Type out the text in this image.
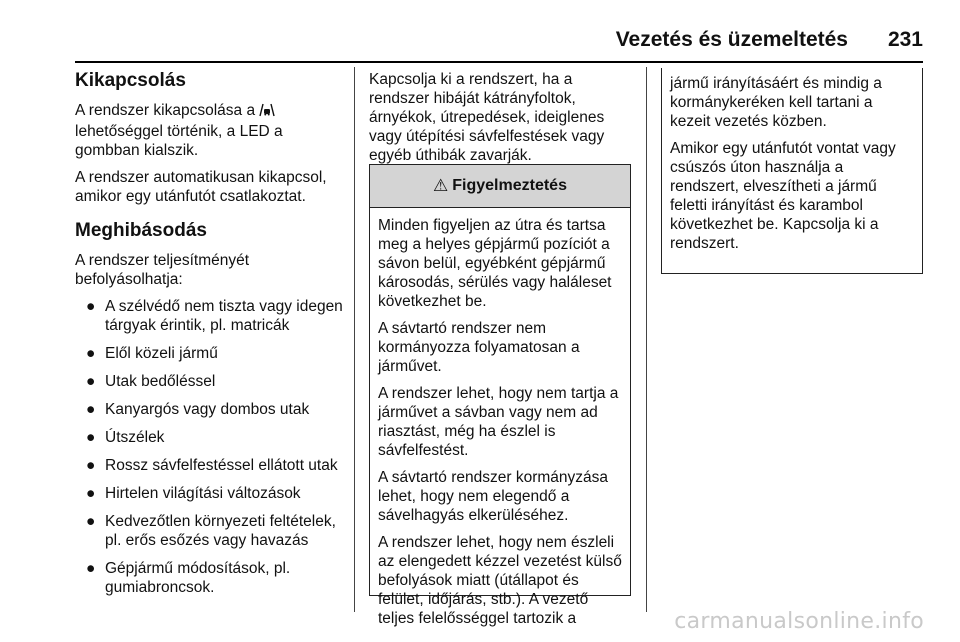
Vezetés és üzemeltetés 231
Kikapcsolás

A rendszer kikapcsolása a  lehetőséggel történik, a LED a gombban kialszik.

A rendszer automatikusan kikapcsol, amikor egy utánfutót csatlakoztat.

Meghibásodás

A rendszer teljesítményét befolyásolhatja:

● A szélvédő nem tiszta vagy idegen tárgyak érintik, pl. matricák
● Elől közeli jármű
● Utak bedőléssel
● Kanyargós vagy dombos utak
● Útszélek
● Rossz sávfelfestéssel ellátott utak
● Hirtelen világítási változások
● Kedvezőtlen környezeti feltételek, pl. erős esőzés vagy havazás
● Gépjármű módosítások, pl. gumiabroncsok.

Kapcsolja ki a rendszert, ha a rendszer hibáját kátrányfoltok, árnyékok, útrepedések, ideiglenes vagy útépítési sávfelfestések vagy egyéb úthibák zavarják.

⚠ Figyelmeztetés

Minden figyeljen az útra és tartsa meg a helyes gépjármű pozíciót a sávon belül, egyébként gépjármű károsodás, sérülés vagy haláleset következhet be.

A sávtartó rendszer nem kormányozza folyamatosan a járművet.

A rendszer lehet, hogy nem tartja a járművet a sávban vagy nem ad riasztást, még ha észlel is sávfelfestést.

A sávtartó rendszer kormányzása lehet, hogy nem elegendő a sávelhagyás elkerüléséhez.

A rendszer lehet, hogy nem észleli az elengedett kézzel vezetést külső befolyások miatt (útállapot és felület, időjárás, stb.). A vezető teljes felelősséggel tartozik a

jármű irányításáért és mindig a kormánykeréken kell tartani a kezeit vezetés közben.

Amikor egy utánfutót vontat vagy csúszós úton használja a rendszert, elveszítheti a jármű feletti irányítást és karambol következhet be. Kapcsolja ki a rendszert.

carmanualsonline.info
